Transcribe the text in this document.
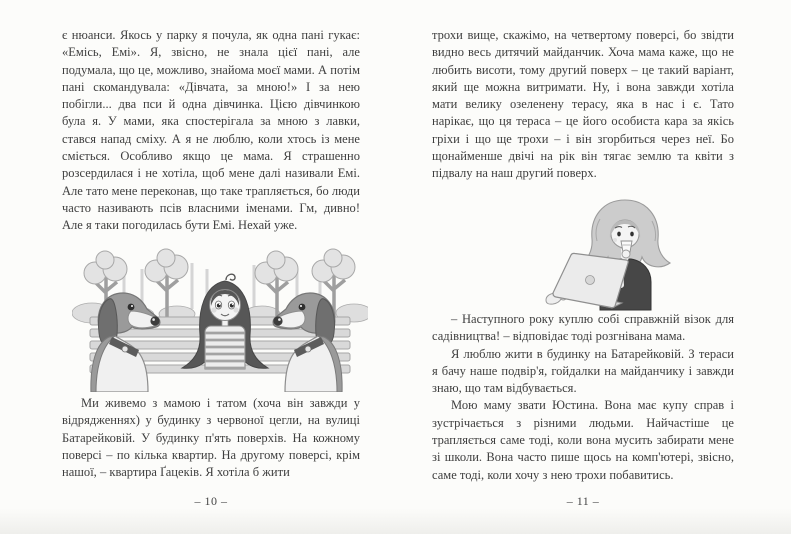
є нюанси. Якось у парку я почула, як одна пані гукає: «Емісь, Емі». Я, звісно, не знала цієї пані, але подумала, що це, можливо, знайома моєї мами. А потім пані скомандувала: «Дівчата, за мною!» І за нею побігли... два пси й одна дівчинка. Цією дівчинкою була я. У мами, яка спостерігала за мною з лавки, стався напад сміху. А я не люблю, коли хтось із мене сміється. Особливо якщо це мама. Я страшенно розсердилася і не хотіла, щоб мене далі називали Емі. Але тато мене переконав, що таке трапляється, бо люди часто називають псів власними іменами. Гм, дивно! Але я таки погодилась бути Емі. Нехай уже.

Ми живемо з мамою і татом (хоча він завжди у відрядженнях) у будинку з червоної цегли, на вулиці Батарейковій. У будинку п'ять поверхів. На кожному поверсі – по кілька квартир. На другому поверсі, крім нашої, – квартира Ґацеків. Я хотіла б жити

– 10 –

трохи вище, скажімо, на четвертому поверсі, бо звідти видно весь дитячий майданчик. Хоча мама каже, що не любить висоти, тому другий поверх – це такий варіант, який ще можна витримати. Ну, і вона завжди хотіла мати велику озеленену терасу, яка в нас і є. Тато нарікає, що ця тераса – це його особиста кара за якісь гріхи і що ще трохи – і він згорбиться через неї. Бо щонайменше двічі на рік він тягає землю та квіти з підвалу на наш другий поверх.

– Наступного року куплю собі справжній візок для садівництва! – відповідає тоді розгнівана мама.

Я люблю жити в будинку на Батарейковій. З тераси я бачу наше подвір'я, гойдалки на майданчику і завжди знаю, що там відбувається.

Мою маму звати Юстина. Вона має купу справ і зустрічається з різними людьми. Найчастіше це трапляється саме тоді, коли вона мусить забирати мене зі школи. Вона часто пише щось на комп'ютері, звісно, саме тоді, коли хочу з нею трохи побавитись.

– 11 –
